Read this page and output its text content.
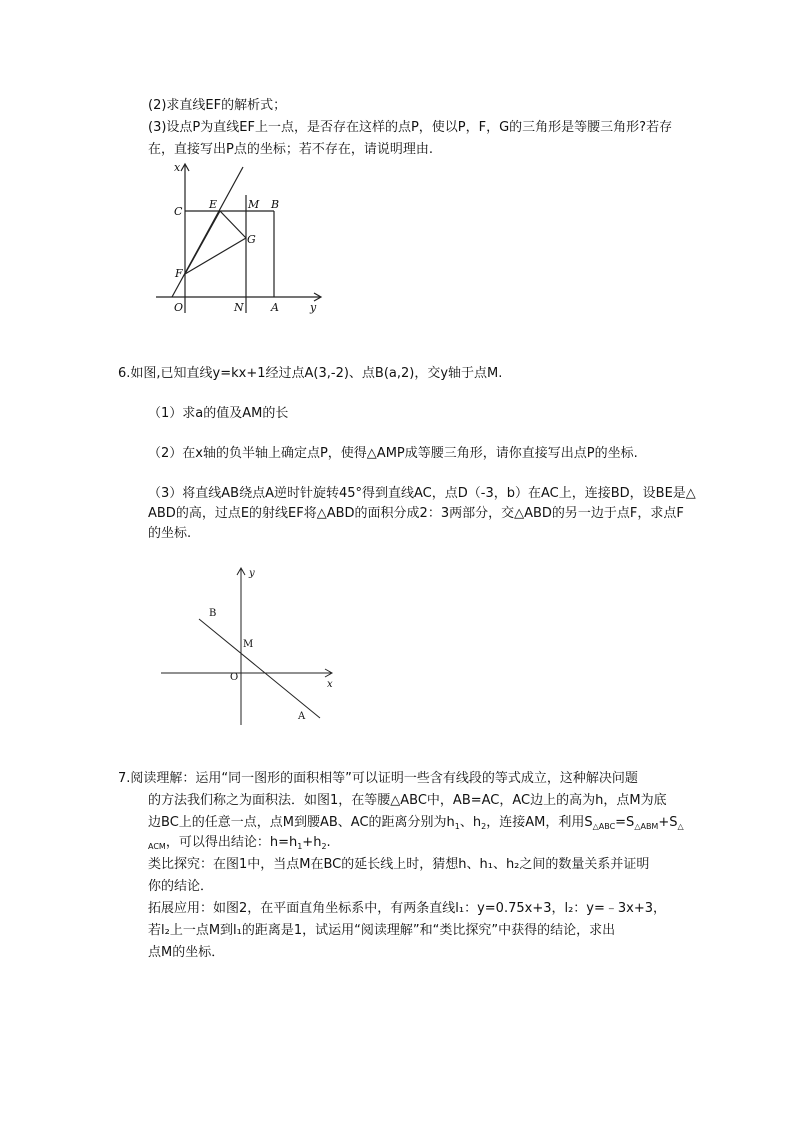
(2)求直线EF的解析式；
(3)设点P为直线EF上一点，是否存在这样的点P，使以P，F，G的三角形是等腰三角形?若存
在，直接写出P点的坐标；若不存在，请说明理由.
x
C
E	M B
G
F
O	N A	y
6.如图,已知直线y=kx+1经过点A(3,-2)、点B(a,2)，交y轴于点M.
（1）求a的值及AM的长
（2）在x轴的负半轴上确定点P，使得△AMP成等腰三角形，请你直接写出点P的坐标.
（3）将直线AB绕点A逆时针旋转45°得到直线AC，点D（-3，b）在AC上，连接BD，设BE是△
ABD的高，过点E的射线EF将△ABD的面积分成2：3两部分，交△ABD的另一边于点F，求点F
的坐标.
y
B
M
O
x
A
7.阅读理解：运用“同一图形的面积相等”可以证明一些含有线段的等式成立，这种解决问题
的方法我们称之为面积法．如图1，在等腰△ABC中，AB=AC，AC边上的高为h，点M为底
边BC上的任意一点，点M到腰AB、AC的距离分别为$h_1$、$h_2$，连接AM，利用$S_{\triangle ABC}=S_{\triangle ABM}+S_\triangle$
$_{ACM}$，可以得出结论：$h=h_1+h_2$.
类比探究：在图1中，当点M在BC的延长线上时，猜想h、h₁、h₂之间的数量关系并证明
你的结论．
拓展应用：如图2，在平面直角坐标系中，有两条直线l₁：y=0.75x+3，l₂：y=﹣3x+3，
若l₂上一点M到l₁的距离是1，试运用“阅读理解”和“类比探究”中获得的结论，求出
点M的坐标．
